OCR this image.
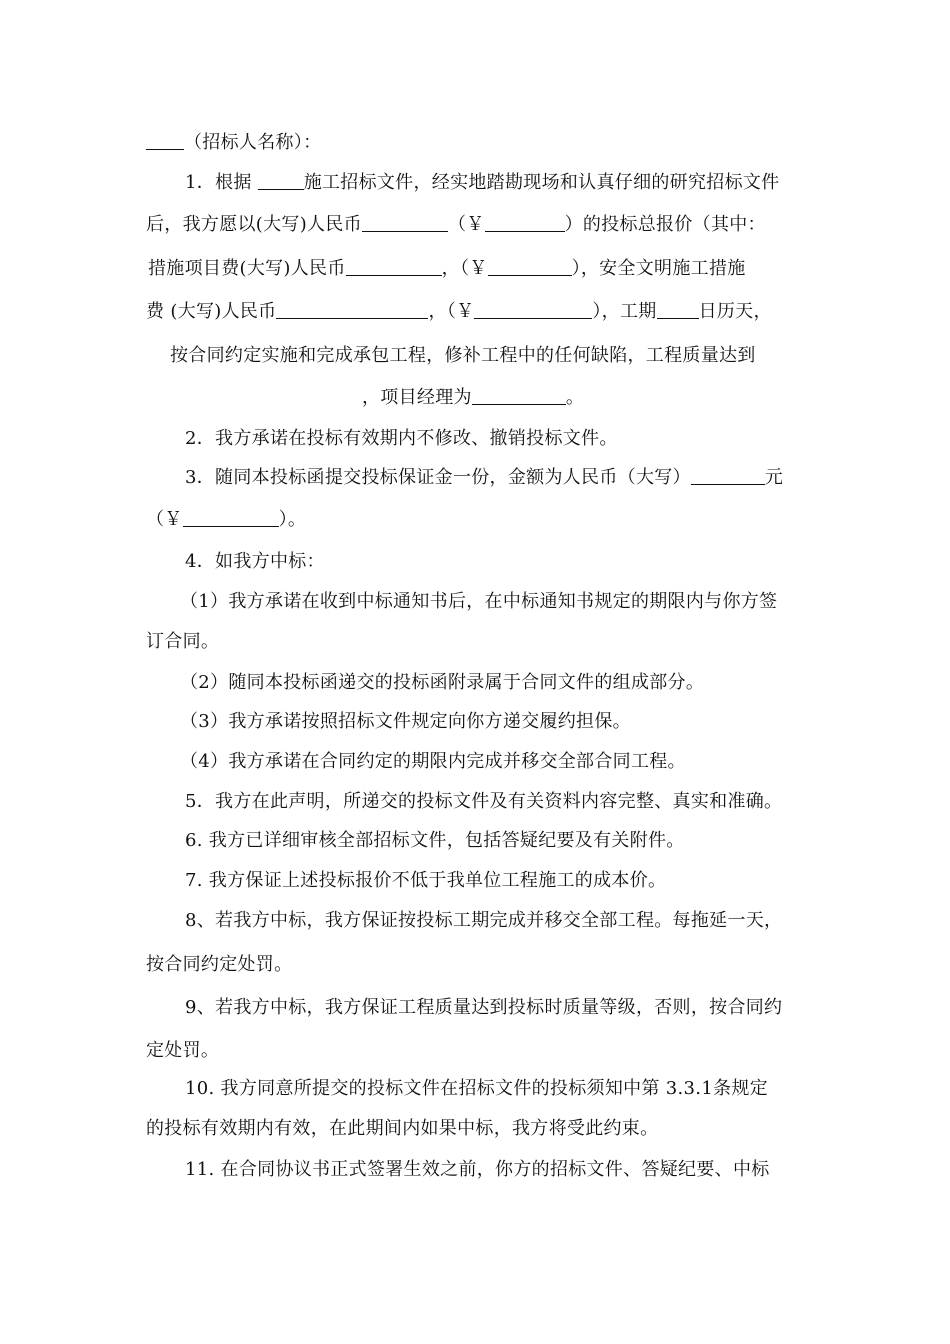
（招标人名称）：
1．根据	施工招标文件，经实地踏勘现场和认真仔细的研究招标文件
后，我方愿以(大写)人民币	（￥	）的投标总报价（其中：
措施项目费(大写)人民币	，（￥	），安全文明施工措施
费 (大写)人民币	，（￥	），工期 日历天，
按合同约定实施和完成承包工程，修补工程中的任何缺陷，工程质量达到
，项目经理为	。
2．我方承诺在投标有效期内不修改、撤销投标文件。
3．随同本投标函提交投标保证金一份，金额为人民币（大写）	元
（￥	）。
4．如我方中标：
（1）我方承诺在收到中标通知书后，在中标通知书规定的期限内与你方签
订合同。
（2）随同本投标函递交的投标函附录属于合同文件的组成部分。
（3）我方承诺按照招标文件规定向你方递交履约担保。
（4）我方承诺在合同约定的期限内完成并移交全部合同工程。
5．我方在此声明，所递交的投标文件及有关资料内容完整、真实和准确。
6. 我方已详细审核全部招标文件，包括答疑纪要及有关附件。
7. 我方保证上述投标报价不低于我单位工程施工的成本价。
8、若我方中标，我方保证按投标工期完成并移交全部工程。每拖延一天，
按合同约定处罚。
9、若我方中标，我方保证工程质量达到投标时质量等级，否则，按合同约
定处罚。
10. 我方同意所提交的投标文件在招标文件的投标须知中第 3.3.1条规定
的投标有效期内有效，在此期间内如果中标，我方将受此约束。
11. 在合同协议书正式签署生效之前，你方的招标文件、答疑纪要、中标
